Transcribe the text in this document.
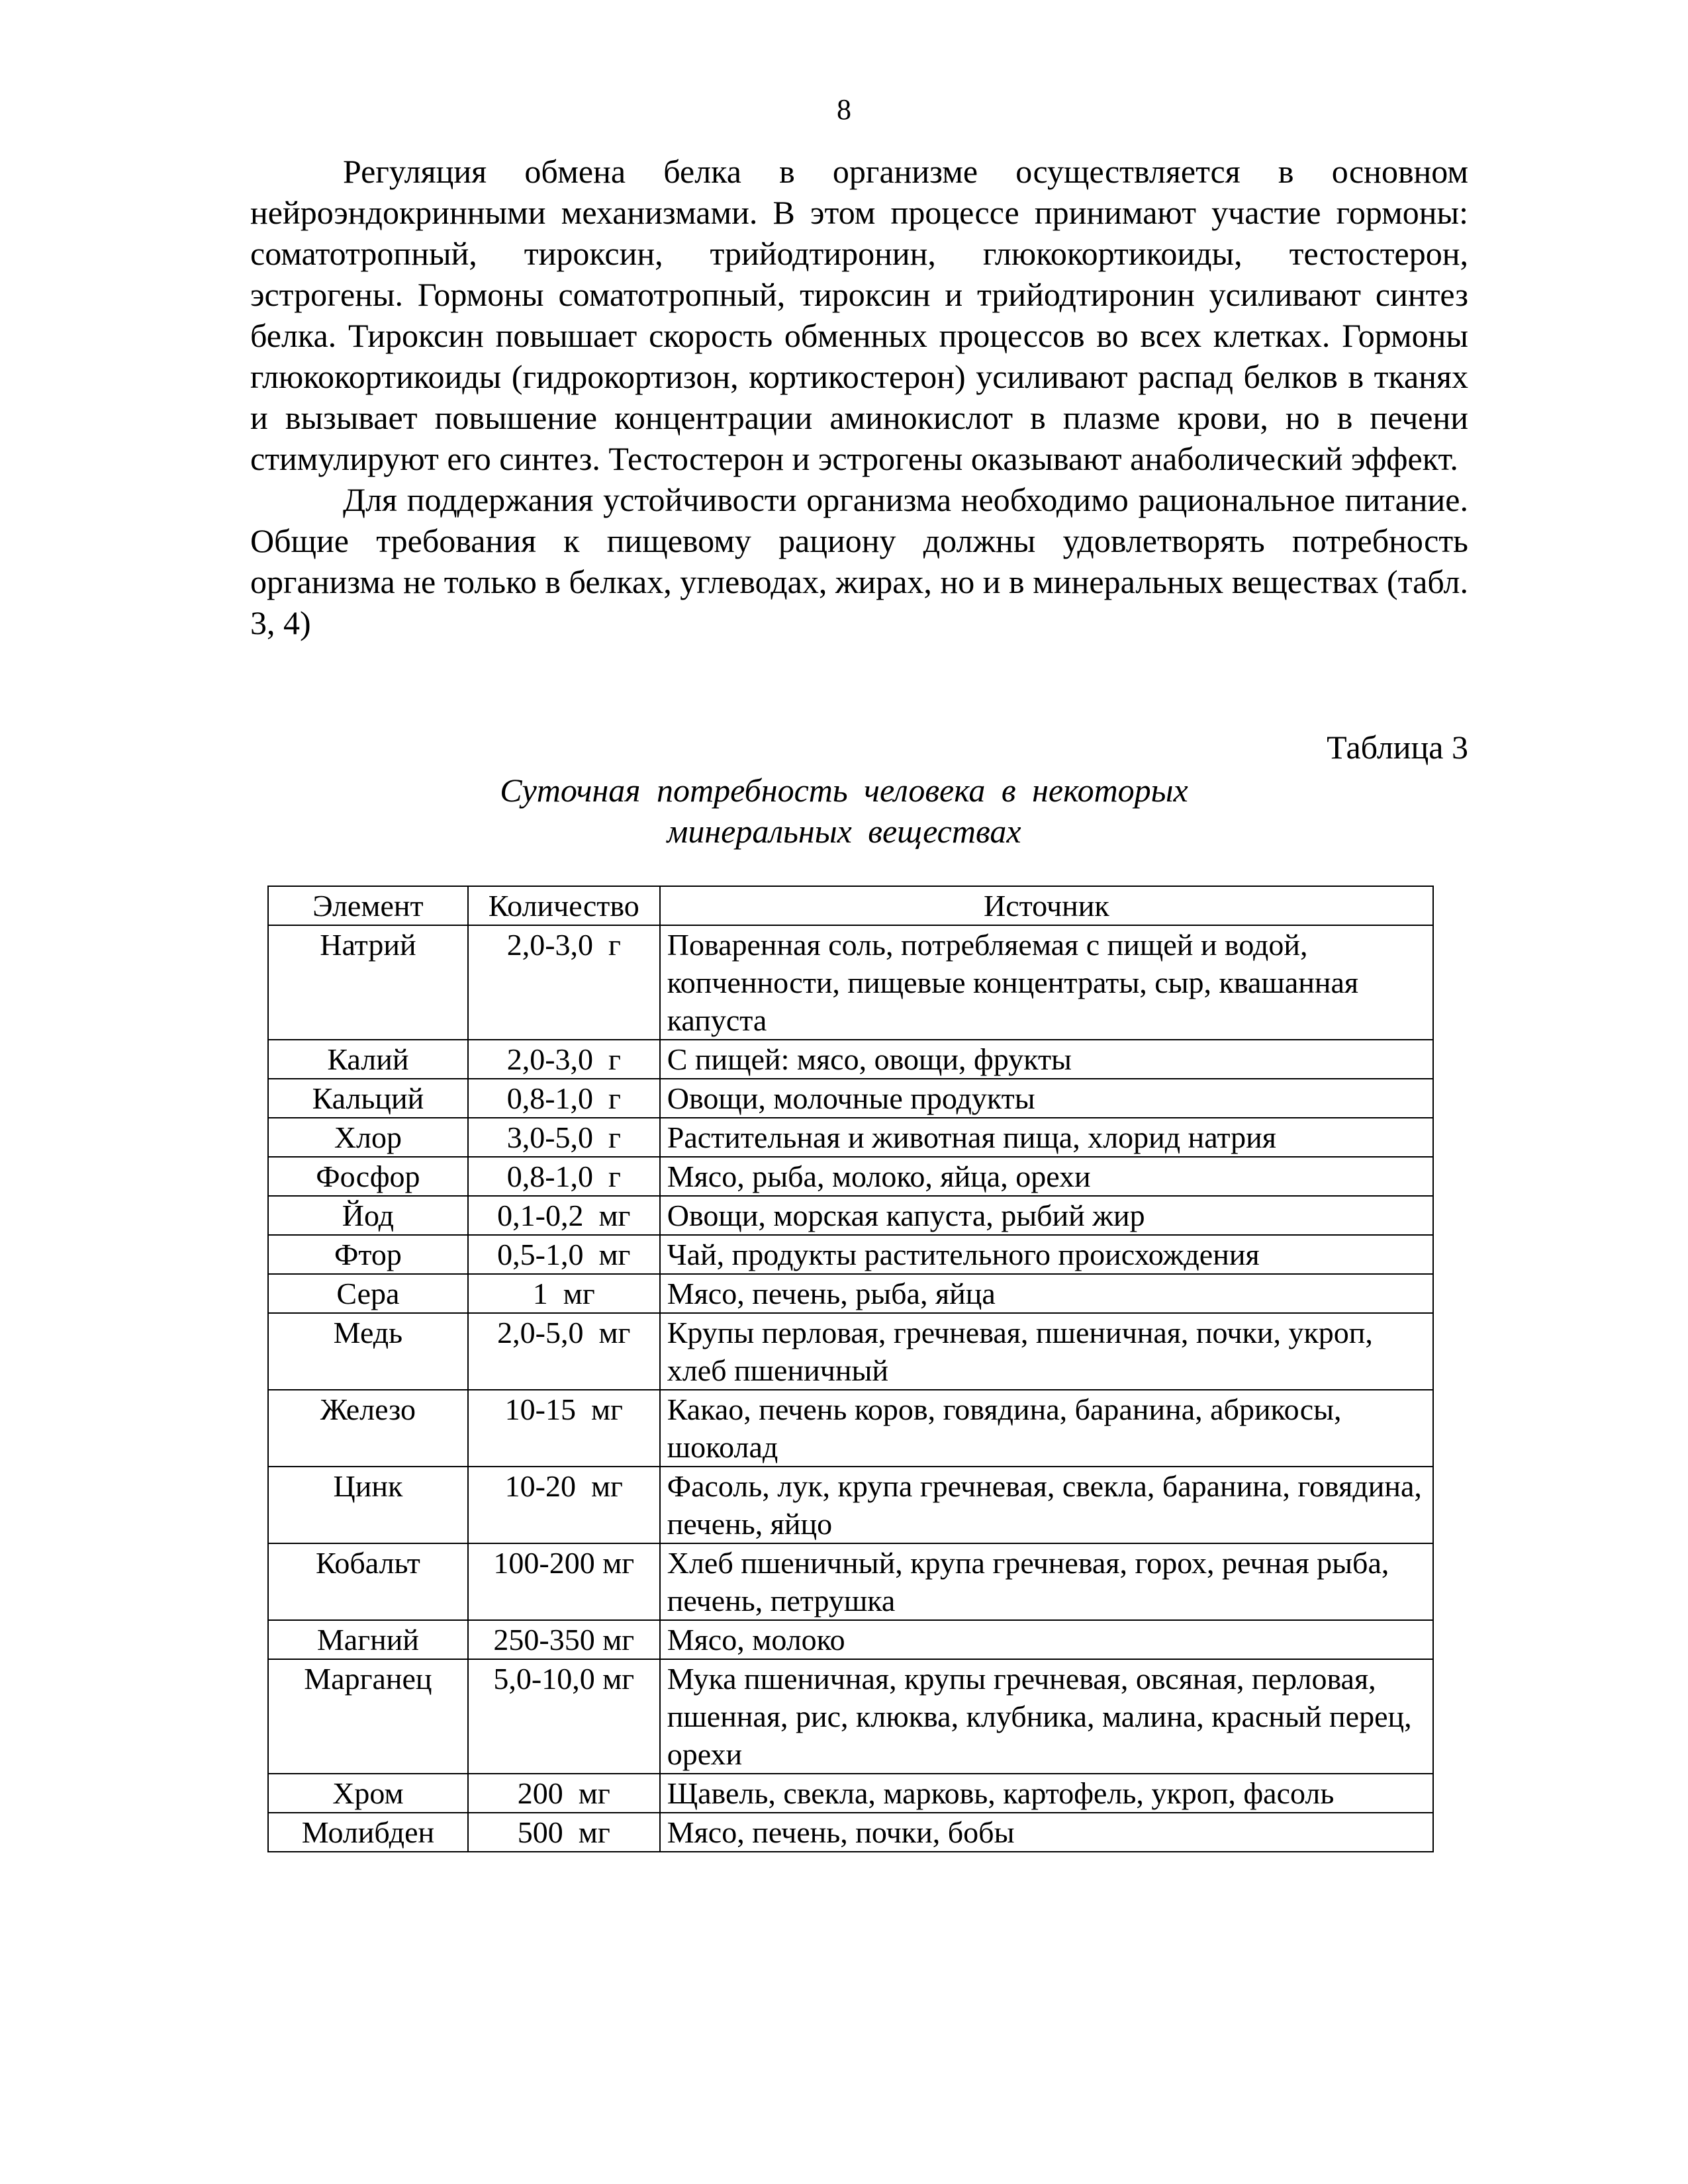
8

Регуляция обмена белка в организме осуществляется в основном нейроэндокринными механизмами. В этом процессе принимают участие гормоны: соматотропный, тироксин, трийодтиронин, глюкокортикоиды, тестостерон, эстрогены. Гормоны соматотропный, тироксин и трийодтиронин усиливают синтез белка. Тироксин повышает скорость обменных процессов во всех клетках. Гормоны глюкокортикоиды (гидрокортизон, кортикостерон) усиливают распад белков в тканях и вызывает повышение концентрации аминокислот в плазме крови, но в печени стимулируют его синтез. Тестостерон и эстрогены оказывают анаболический эффект.

Для поддержания устойчивости организма необходимо рациональное питание. Общие требования к пищевому рациону должны удовлетворять потребность организма не только в белках, углеводах, жирах, но и в минеральных веществах (табл. 3, 4)

Таблица 3
Суточная потребность человека в некоторых
минеральных веществах
Элемент	Количество	Источник
Натрий	2,0-3,0  г	Поваренная соль, потребляемая с пищей и водой, копченности, пищевые концентраты, сыр, квашанная капуста
Калий	2,0-3,0  г	С пищей: мясо, овощи, фрукты
Кальций	0,8-1,0  г	Овощи, молочные продукты
Хлор	3,0-5,0  г	Растительная и животная пища, хлорид натрия
Фосфор	0,8-1,0  г	Мясо, рыба, молоко, яйца, орехи
Йод	0,1-0,2  мг	Овощи, морская капуста, рыбий жир
Фтор	0,5-1,0  мг	Чай, продукты растительного происхождения
Сера	1  мг	Мясо, печень, рыба, яйца
Медь	2,0-5,0  мг	Крупы перловая, гречневая, пшеничная, почки, укроп, хлеб пшеничный
Железо	10-15  мг	Какао, печень коров, говядина, баранина, абрикосы, шоколад
Цинк	10-20  мг	Фасоль, лук, крупа гречневая, свекла, баранина, говядина, печень, яйцо
Кобальт	100-200 мг	Хлеб пшеничный, крупа гречневая, горох, речная рыба, печень, петрушка
Магний	250-350 мг	Мясо, молоко
Марганец	5,0-10,0 мг	Мука пшеничная, крупы гречневая, овсяная, перловая, пшенная, рис, клюква, клубника, малина, красный перец, орехи
Хром	200  мг	Щавель, свекла, марковь, картофель, укроп, фасоль
Молибден	500  мг	Мясо, печень, почки, бобы
